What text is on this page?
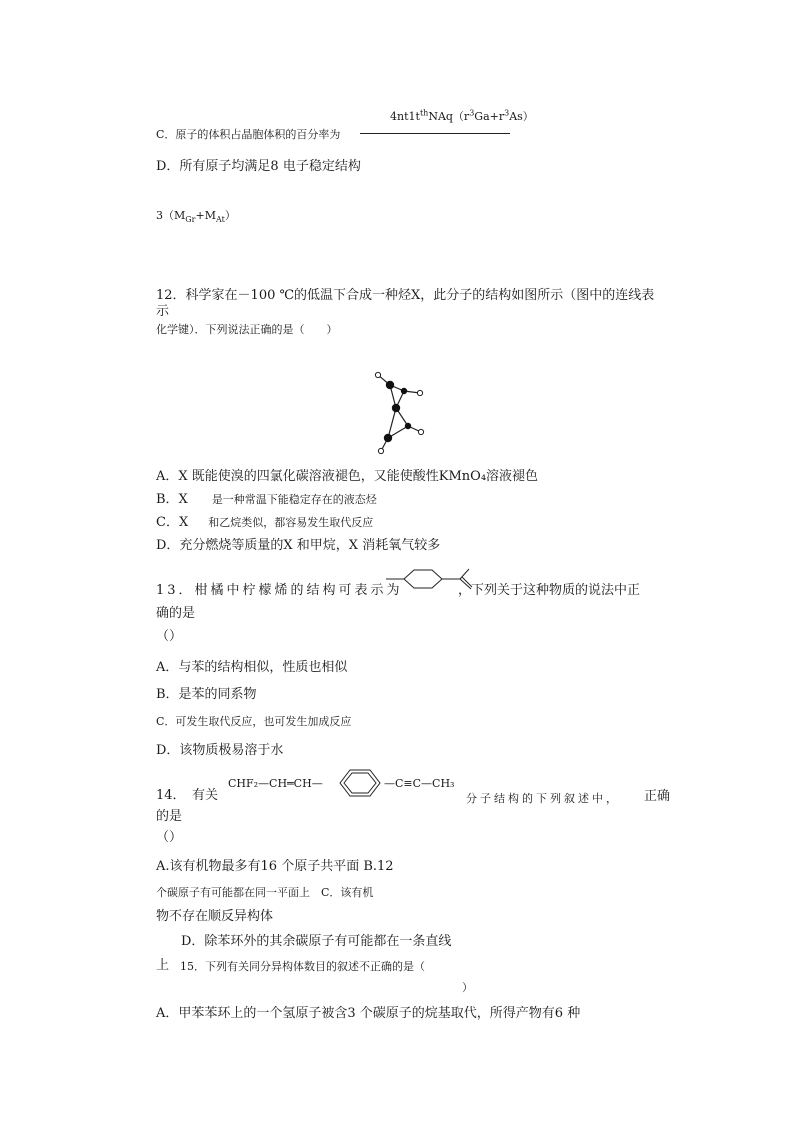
$4nt1t^{th}NAq(r^3Ga+r^3As)$
C．原子的体积占晶胞体积的百分率为
D．所有原子均满足8 电子稳定结构
$3(M_{Gr}+M_{At})$
12．科学家在－100 ℃的低温下合成一种烃X，此分子的结构如图所示（图中的连线表
示
化学键）．下列说法正确的是（　　）
A．X 既能使溴的四氯化碳溶液褪色，又能使酸性KMnO₄溶液褪色
B．X 是一种常温下能稳定存在的液态烃
C．X 和乙烷类似，都容易发生取代反应
D．充分燃烧等质量的X 和甲烷，X 消耗氧气较多
13．柑橘中柠檬烯的结构可表示为	，下列关于这种物质的说法中正
确的是
（）
A．与苯的结构相似，性质也相似
B．是苯的同系物
C．可发生取代反应，也可发生加成反应
D．该物质极易溶于水
14． 有关
CHF₂—CH═CH—	—C≡C—CH₃
分子结构的下列叙述中， 正确
的是
（）
A.该有机物最多有16 个原子共平面 B.12
个碳原子有可能都在同一平面上　C．该有机
物不存在顺反异构体
D．除苯环外的其余碳原子有可能都在一条直线
上 15．下列有关同分异构体数目的叙述不正确的是（
）
A．甲苯苯环上的一个氢原子被含3 个碳原子的烷基取代，所得产物有6 种
